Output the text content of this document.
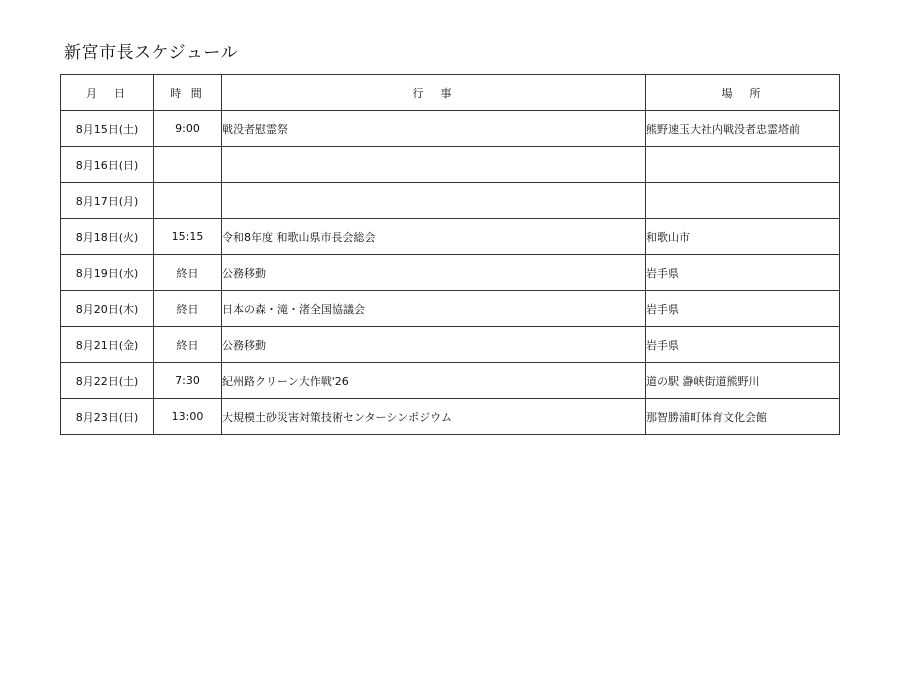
新宮市長スケジュール
月　日	時 間	行　事	場　所
8月15日(土)	9:00	戦没者慰霊祭	熊野速玉大社内戦没者忠霊塔前
8月16日(日)			
8月17日(月)			
8月18日(火)	15:15	令和8年度 和歌山県市長会総会	和歌山市
8月19日(水)	終日	公務移動	岩手県
8月20日(木)	終日	日本の森・滝・渚全国協議会	岩手県
8月21日(金)	終日	公務移動	岩手県
8月22日(土)	7:30	紀州路クリーン大作戦'26	道の駅 瀞峡街道熊野川
8月23日(日)	13:00	大規模土砂災害対策技術センターシンポジウム	那智勝浦町体育文化会館
